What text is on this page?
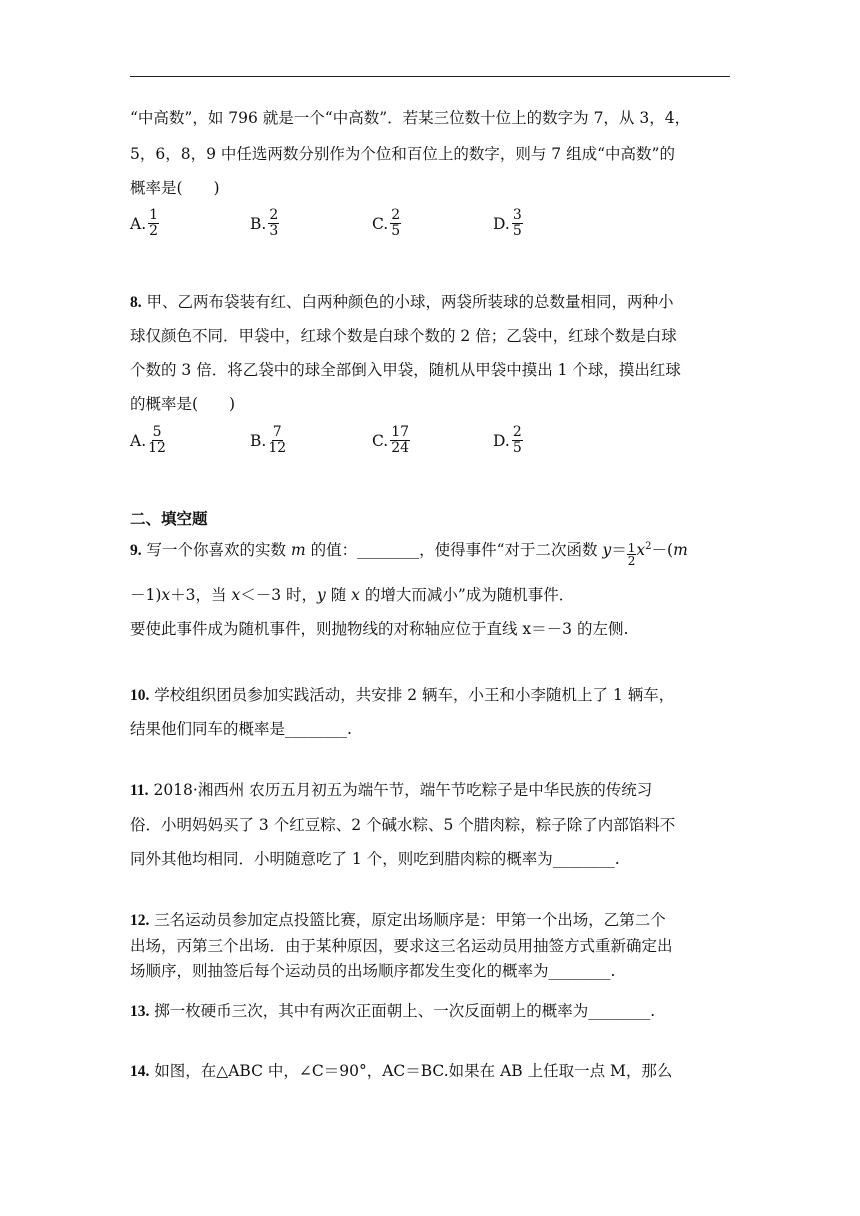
“中高数”，如 796 就是一个“中高数”．若某三位数十位上的数字为 7，从 3，4，
5，6，8，9 中任选两数分别作为个位和百位上的数字，则与 7 组成“中高数”的
概率是(　　)
A. $\frac{1}{2}$	B. $\frac{2}{3}$	C. $\frac{2}{5}$	D. $\frac{3}{5}$
8. 甲、乙两布袋装有红、白两种颜色的小球，两袋所装球的总数量相同，两种小
球仅颜色不同．甲袋中，红球个数是白球个数的 2 倍；乙袋中，红球个数是白球
个数的 3 倍．将乙袋中的球全部倒入甲袋，随机从甲袋中摸出 1 个球，摸出红球
的概率是(　　)
A. $\frac{5}{12}$	B. $\frac{7}{12}$	C. $\frac{17}{24}$	D. $\frac{2}{5}$
二、填空题
9. 写一个你喜欢的实数 m 的值：________，使得事件“对于二次函数 $y= \frac{1}{2} x^2-(m$
－1)x＋3，当 x＜－3 时，y 随 x 的增大而减小”成为随机事件．
要使此事件成为随机事件，则抛物线的对称轴应位于直线 x＝－3 的左侧.
10. 学校组织团员参加实践活动，共安排 2 辆车，小王和小李随机上了 1 辆车，
结果他们同车的概率是________.
11. 2018·湘西州 农历五月初五为端午节，端午节吃粽子是中华民族的传统习
俗．小明妈妈买了 3 个红豆粽、2 个碱水粽、5 个腊肉粽，粽子除了内部馅料不
同外其他均相同．小明随意吃了 1 个，则吃到腊肉粽的概率为________.
12. 三名运动员参加定点投篮比赛，原定出场顺序是：甲第一个出场，乙第二个
出场，丙第三个出场．由于某种原因，要求这三名运动员用抽签方式重新确定出
场顺序，则抽签后每个运动员的出场顺序都发生变化的概率为________.
13. 掷一枚硬币三次，其中有两次正面朝上、一次反面朝上的概率为________.
14. 如图，在△ABC 中，∠C＝90°，AC＝BC.如果在 AB 上任取一点 M，那么
